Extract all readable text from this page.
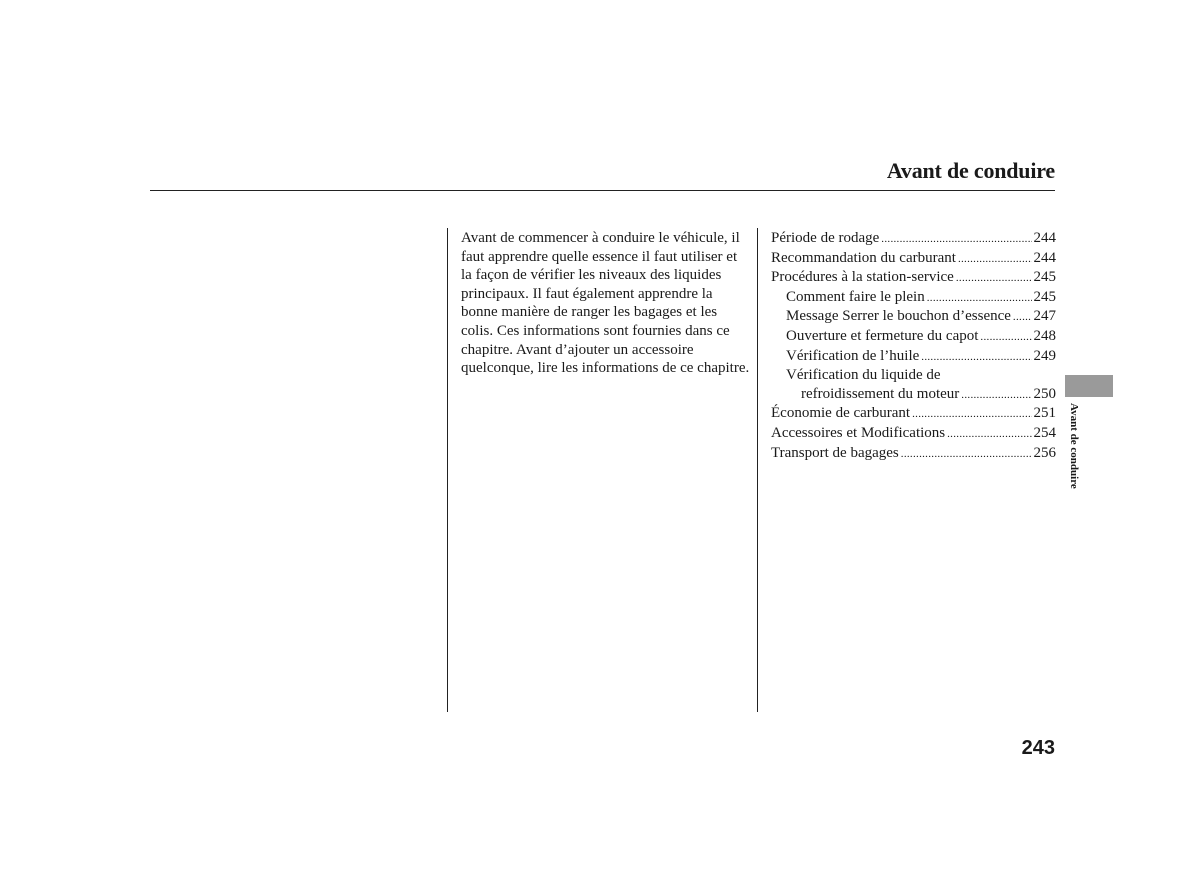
Avant de conduire

Avant de commencer à conduire le véhicule, il faut apprendre quelle essence il faut utiliser et la façon de vérifier les niveaux des liquides principaux. Il faut également apprendre la bonne manière de ranger les bagages et les colis. Ces informations sont fournies dans ce chapitre. Avant d’ajouter un accessoire quelconque, lire les informations de ce chapitre.

Période de rodage .....	244
Recommandation du carburant .....	244
Procédures à la station-service .....	245
Comment faire le plein .....	245
Message Serrer le bouchon d’essence ..... 247
Ouverture et fermeture du capot .....	248
Vérification de l’huile .....	249
Vérification du liquide de
refroidissement du moteur .....	250
Économie de carburant .....	251
Accessoires et Modifications .....	254
Transport de bagages .....	256 Avant de conduire
243
